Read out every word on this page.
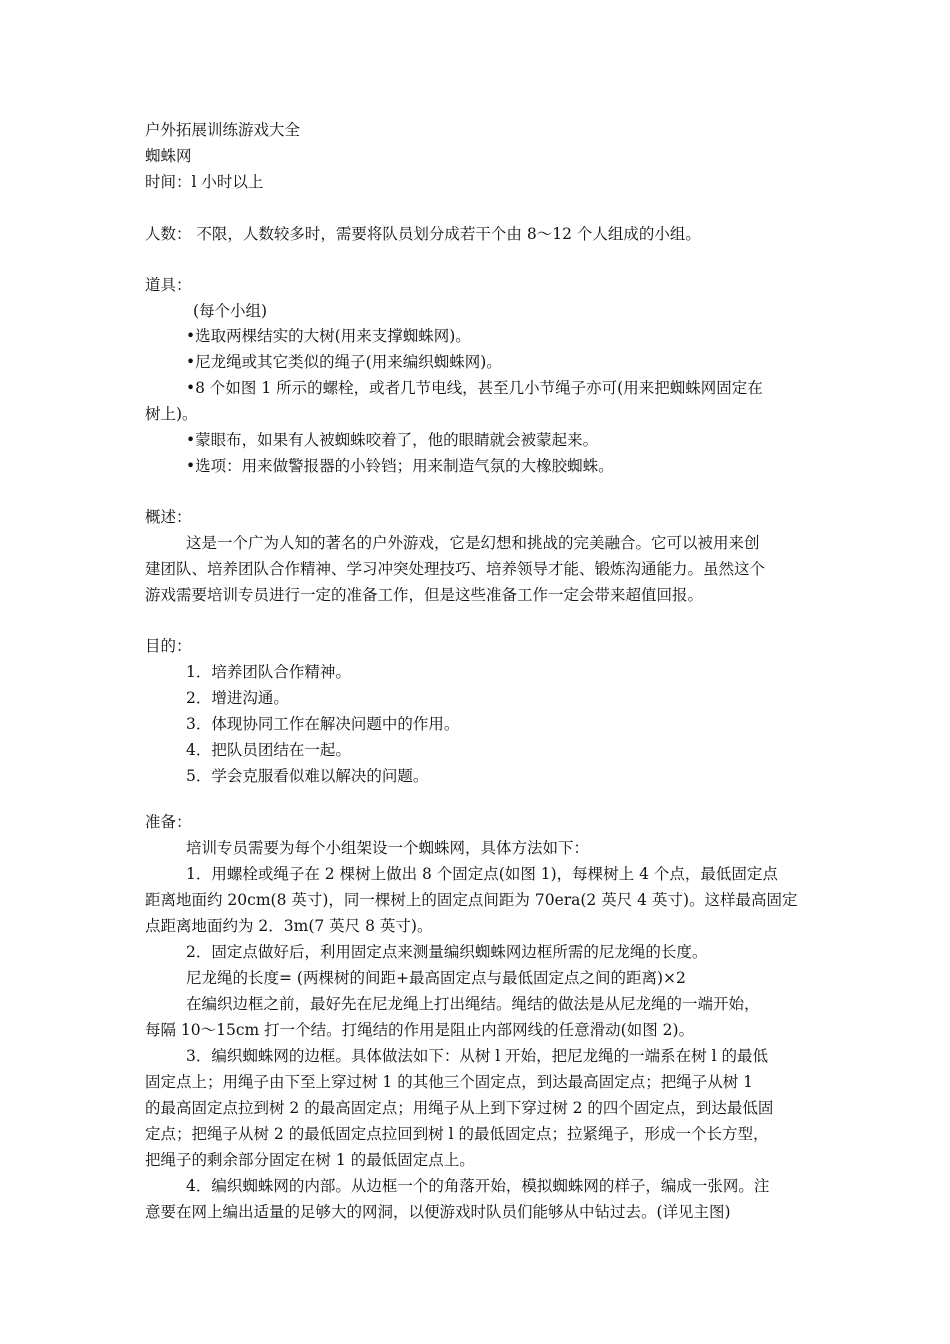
户外拓展训练游戏大全
蜘蛛网
时间：l 小时以上
人数： 不限，人数较多时，需要将队员划分成若干个由 8～12 个人组成的小组。
道具：
(每个小组)
•选取两棵结实的大树(用来支撑蜘蛛网)。
•尼龙绳或其它类似的绳子(用来编织蜘蛛网)。
•8 个如图 1 所示的螺栓，或者几节电线，甚至几小节绳子亦可(用来把蜘蛛网固定在
树上)。
•蒙眼布，如果有人被蜘蛛咬着了，他的眼睛就会被蒙起来。
•选项：用来做警报器的小铃铛；用来制造气氛的大橡胶蜘蛛。
概述：
这是一个广为人知的著名的户外游戏，它是幻想和挑战的完美融合。它可以被用来创
建团队、培养团队合作精神、学习冲突处理技巧、培养领导才能、锻炼沟通能力。虽然这个
游戏需要培训专员进行一定的准备工作，但是这些准备工作一定会带来超值回报。
目的：
1．培养团队合作精神。
2．增进沟通。
3．体现协同工作在解决问题中的作用。
4．把队员团结在一起。
5．学会克服看似难以解决的问题。
准备：
培训专员需要为每个小组架设一个蜘蛛网，具体方法如下：
1．用螺栓或绳子在 2 棵树上做出 8 个固定点(如图 1)，每棵树上 4 个点，最低固定点
距离地面约 20cm(8 英寸)，同一棵树上的固定点间距为 70era(2 英尺 4 英寸)。这样最高固定
点距离地面约为 2．3m(7 英尺 8 英寸)。
2．固定点做好后，利用固定点来测量编织蜘蛛网边框所需的尼龙绳的长度。
尼龙绳的长度= (两棵树的间距+最高固定点与最低固定点之间的距离)×2
在编织边框之前，最好先在尼龙绳上打出绳结。绳结的做法是从尼龙绳的一端开始，
每隔 10～15cm 打一个结。打绳结的作用是阻止内部网线的任意滑动(如图 2)。
3．编织蜘蛛网的边框。具体做法如下：从树 l 开始，把尼龙绳的一端系在树 l 的最低
固定点上；用绳子由下至上穿过树 1 的其他三个固定点，到达最高固定点；把绳子从树 1
的最高固定点拉到树 2 的最高固定点；用绳子从上到下穿过树 2 的四个固定点，到达最低固
定点；把绳子从树 2 的最低固定点拉回到树 l 的最低固定点；拉紧绳子，形成一个长方型，
把绳子的剩余部分固定在树 1 的最低固定点上。
4．编织蜘蛛网的内部。从边框一个的角落开始，模拟蜘蛛网的样子，编成一张网。注
意要在网上编出适量的足够大的网洞，以便游戏时队员们能够从中钻过去。(详见主图)
